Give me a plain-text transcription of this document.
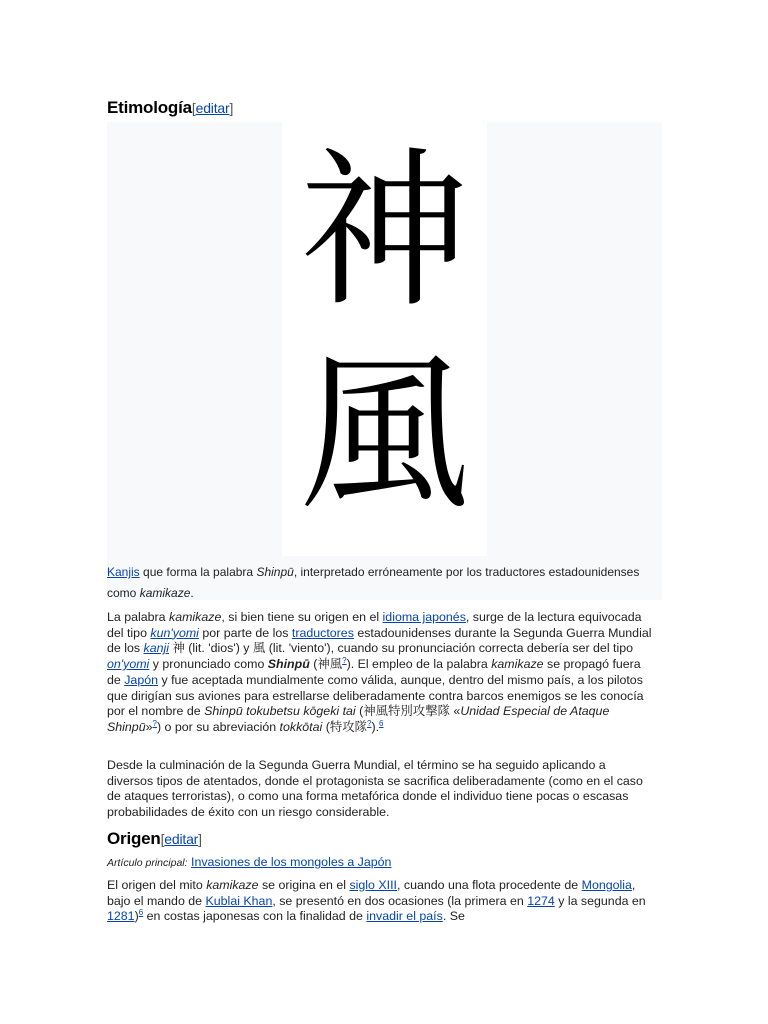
Etimología[editar]
神
風
Kanjis que forma la palabra Shinpū, interpretado erróneamente por los traductores estadounidenses como kamikaze.
La palabra kamikaze, si bien tiene su origen en el idioma japonés, surge de la lectura equivocada del tipo kun'yomi por parte de los traductores estadounidenses durante la Segunda Guerra Mundial de los kanji 神 (lit. 'dios') y 風 (lit. 'viento'), cuando su pronunciación correcta debería ser del tipo on'yomi y pronunciado como Shinpū (神風?). El empleo de la palabra kamikaze se propagó fuera de Japón y fue aceptada mundialmente como válida, aunque, dentro del mismo país, a los pilotos que dirigían sus aviones para estrellarse deliberadamente contra barcos enemigos se les conocía por el nombre de Shinpū tokubetsu kōgeki tai (神風特別攻撃隊 «Unidad Especial de Ataque Shinpū»?) o por su abreviación tokkōtai (特攻隊?).$^6$
Desde la culminación de la Segunda Guerra Mundial, el término se ha seguido aplicando a diversos tipos de atentados, donde el protagonista se sacrifica deliberadamente (como en el caso de ataques terroristas), o como una forma metafórica donde el individuo tiene pocas o escasas probabilidades de éxito con un riesgo considerable.
Origen[editar]
Artículo principal: Invasiones de los mongoles a Japón
El origen del mito kamikaze se origina en el siglo XIII, cuando una flota procedente de Mongolia, bajo el mando de Kublai Khan, se presentó en dos ocasiones (la primera en 1274 y la segunda en 1281)$^6$ en costas japonesas con la finalidad de invadir el país. Se
